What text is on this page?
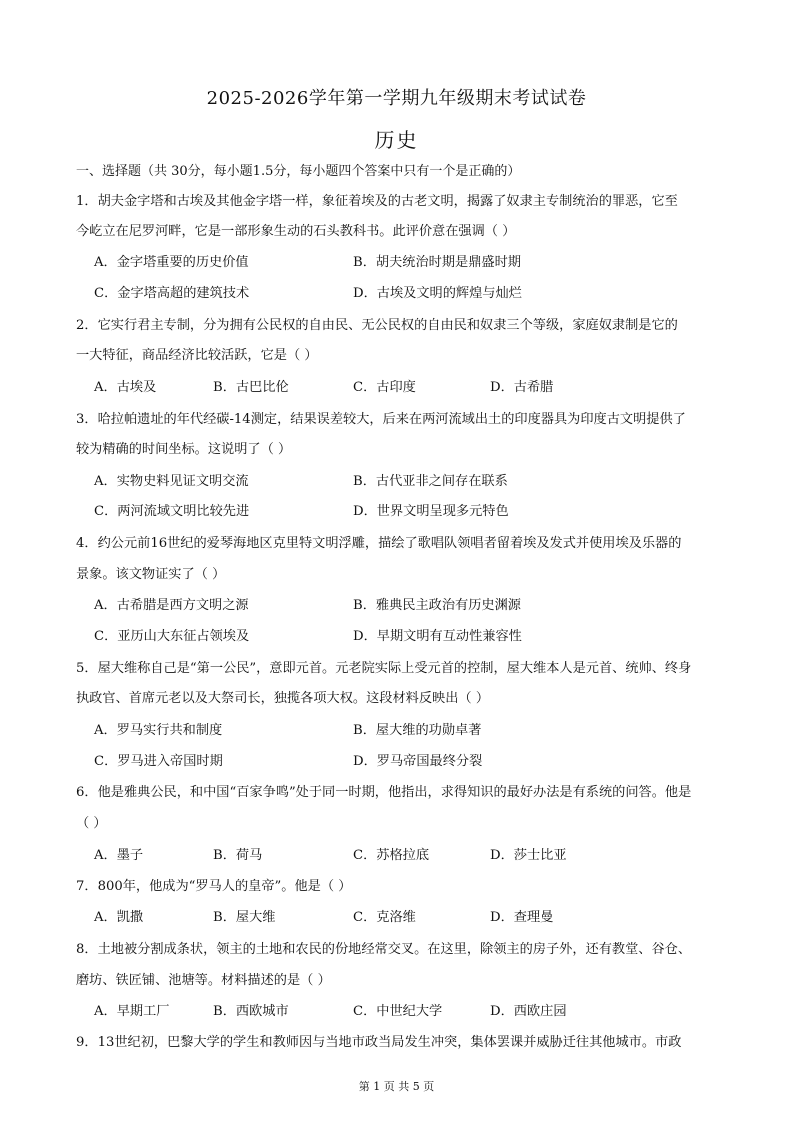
2025-2026学年第一学期九年级期末考试试卷
历史
一、选择题（共 30分，每小题1.5分，每小题四个答案中只有一个是正确的）
1．胡夫金字塔和古埃及其他金字塔一样，象征着埃及的古老文明，揭露了奴隶主专制统治的罪恶，它至
今屹立在尼罗河畔，它是一部形象生动的石头教科书。此评价意在强调（ ）
A．金字塔重要的历史价值	B．胡夫统治时期是鼎盛时期
C．金字塔高超的建筑技术	D．古埃及文明的辉煌与灿烂
2．它实行君主专制，分为拥有公民权的自由民、无公民权的自由民和奴隶三个等级，家庭奴隶制是它的
一大特征，商品经济比较活跃，它是（ ）
A．古埃及	B．古巴比伦	C．古印度	D．古希腊
3．哈拉帕遗址的年代经碳-14测定，结果误差较大，后来在两河流域出土的印度器具为印度古文明提供了
较为精确的时间坐标。这说明了（ ）
A．实物史料见证文明交流	B．古代亚非之间存在联系
C．两河流域文明比较先进	D．世界文明呈现多元特色
4．约公元前16世纪的爱琴海地区克里特文明浮雕，描绘了歌唱队领唱者留着埃及发式并使用埃及乐器的
景象。该文物证实了（ ）
A．古希腊是西方文明之源	B．雅典民主政治有历史渊源
C．亚历山大东征占领埃及	D．早期文明有互动性兼容性
5．屋大维称自己是“第一公民”，意即元首。元老院实际上受元首的控制，屋大维本人是元首、统帅、终身
执政官、首席元老以及大祭司长，独揽各项大权。这段材料反映出（ ）
A．罗马实行共和制度	B．屋大维的功勋卓著
C．罗马进入帝国时期	D．罗马帝国最终分裂
6．他是雅典公民，和中国“百家争鸣”处于同一时期，他指出，求得知识的最好办法是有系统的问答。他是
（ ）
A．墨子	B．荷马	C．苏格拉底	D．莎士比亚
7．800年，他成为“罗马人的皇帝”。他是（ ）
A．凯撒	B．屋大维	C．克洛维	D．查理曼
8．土地被分割成条状，领主的土地和农民的份地经常交叉。在这里，除领主的房子外，还有教堂、谷仓、
磨坊、铁匠铺、池塘等。材料描述的是（ ）
A．早期工厂	B．西欧城市	C．中世纪大学	D．西欧庄园
9．13世纪初，巴黎大学的学生和教师因与当地市政当局发生冲突，集体罢课并威胁迁往其他城市。市政
第 1 页 共 5 页
